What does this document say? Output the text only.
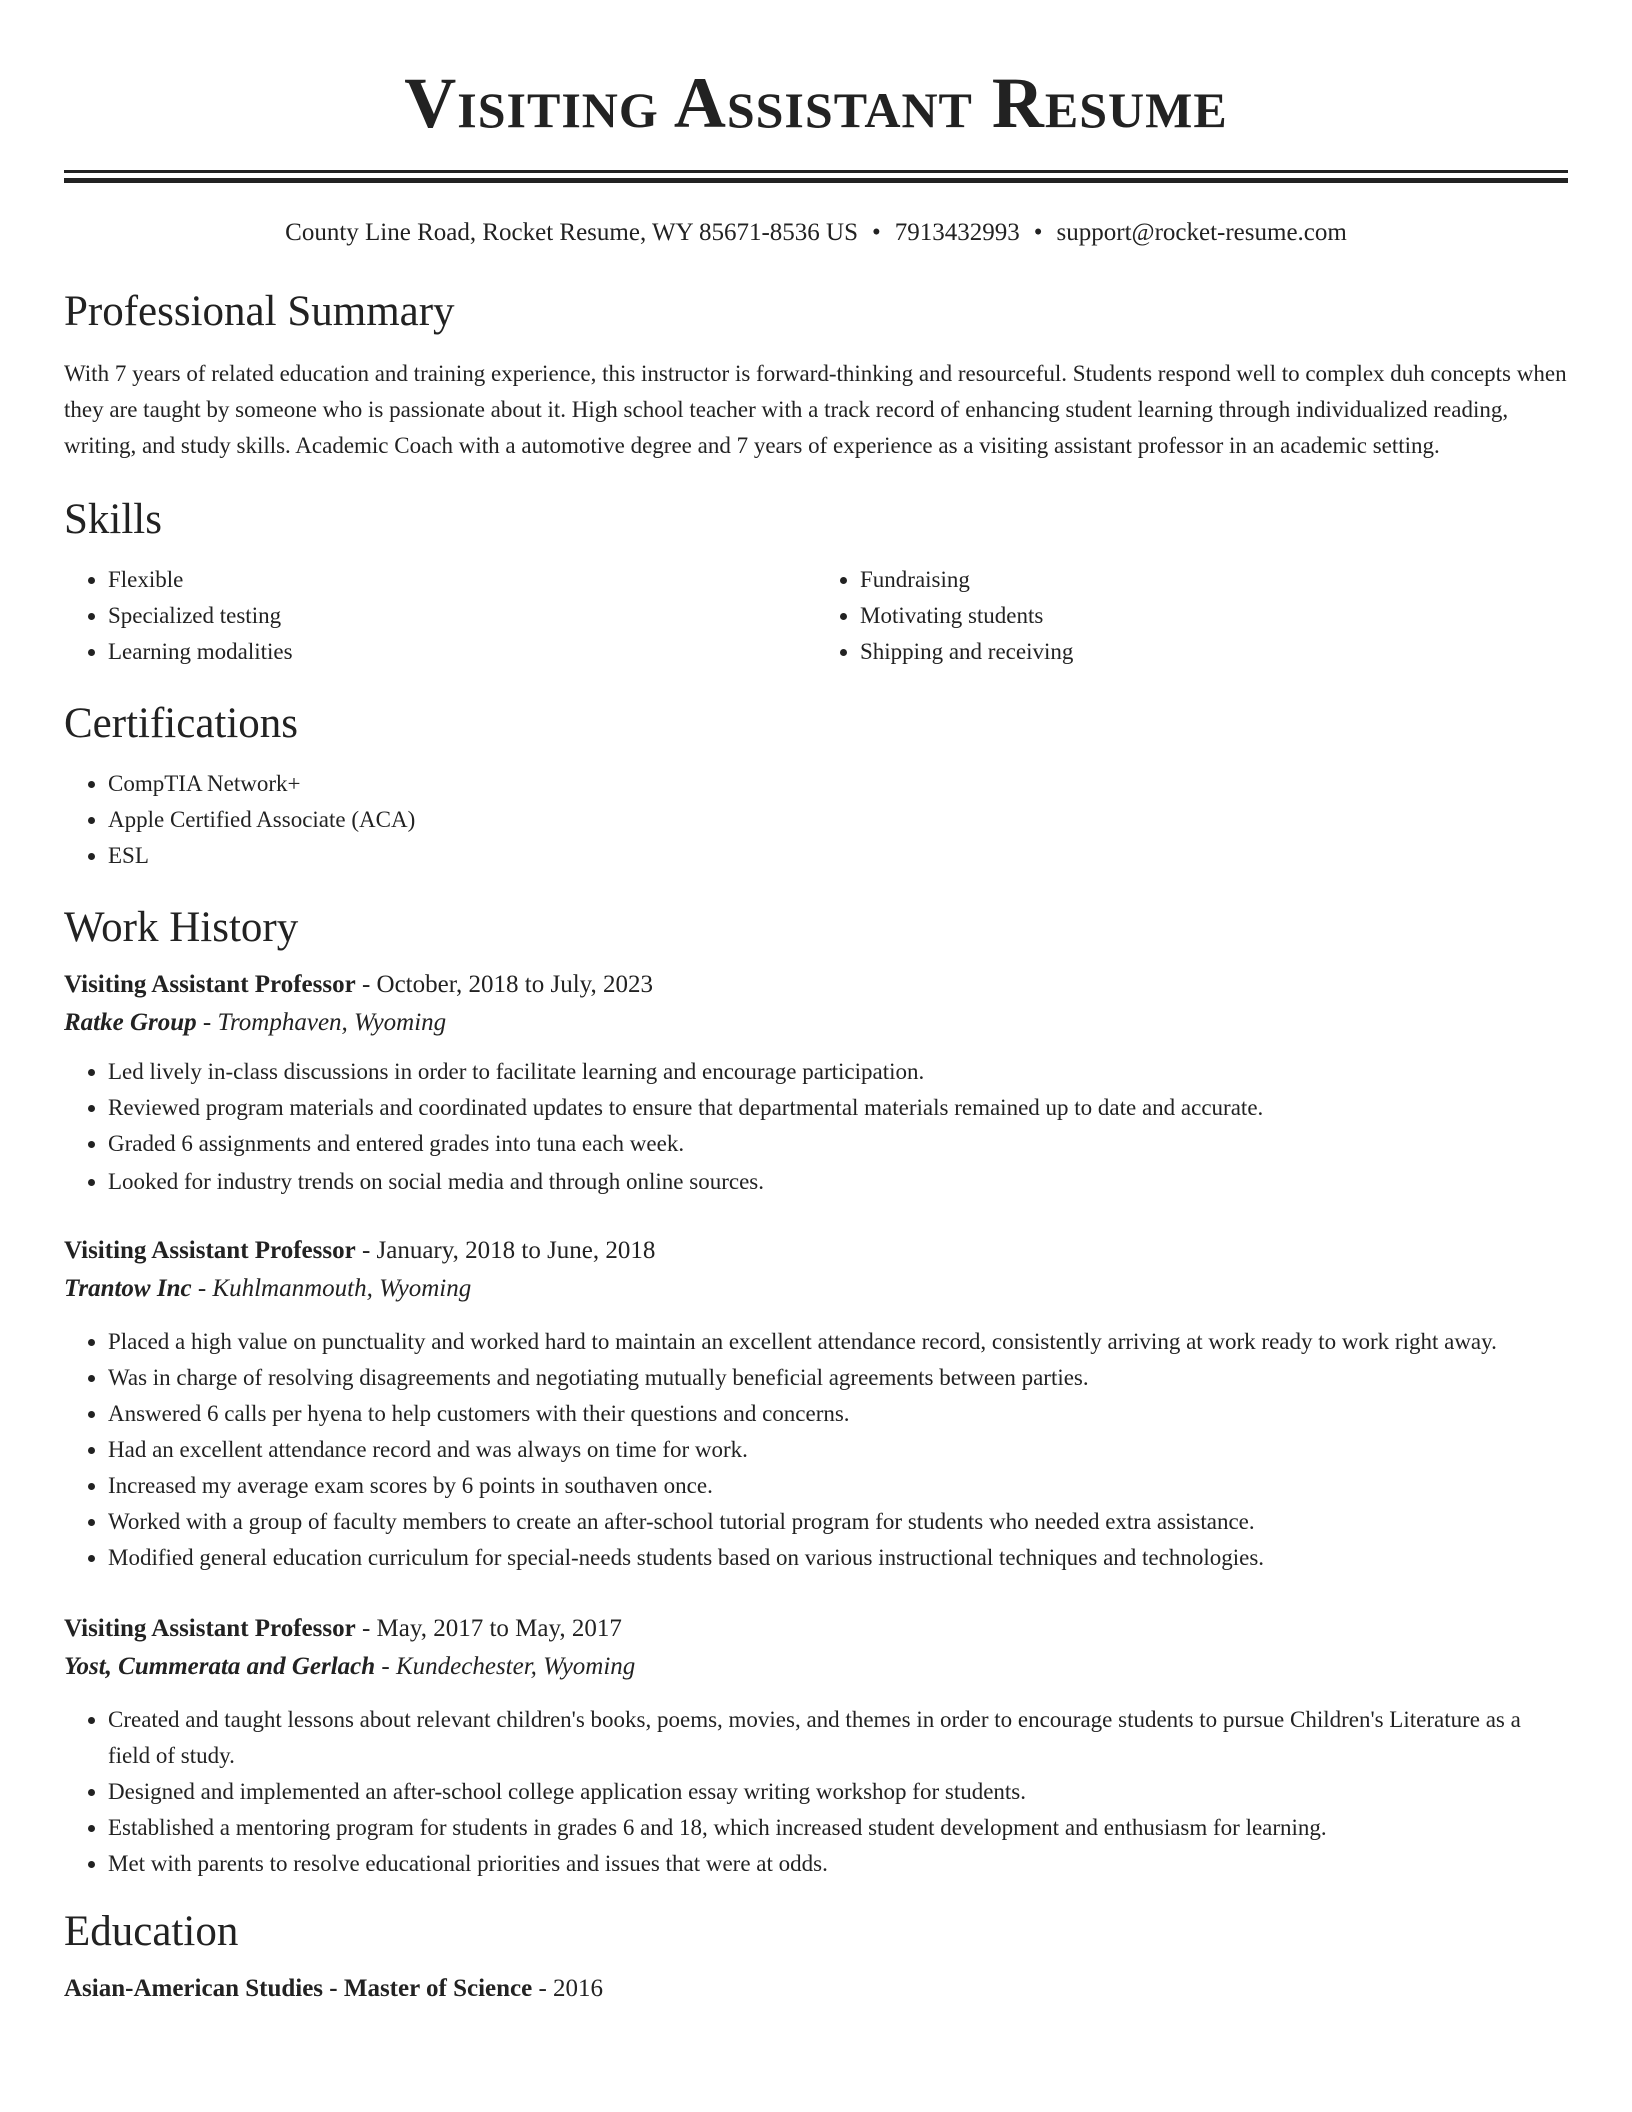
Visiting Assistant Resume
County Line Road, Rocket Resume, WY 85671-8536 US • 7913432993 • support@rocket-resume.com
Professional Summary

With 7 years of related education and training experience, this instructor is forward-thinking and resourceful. Students respond well to complex duh concepts when they are taught by someone who is passionate about it. High school teacher with a track record of enhancing student learning through individualized reading, writing, and study skills. Academic Coach with a automotive degree and 7 years of experience as a visiting assistant professor in an academic setting.

Skills
• Flexible
• Specialized testing
• Learning modalities
• Fundraising
• Motivating students
• Shipping and receiving
Certifications
• CompTIA Network+
• Apple Certified Associate (ACA)
• ESL
Work History
Visiting Assistant Professor - October, 2018 to July, 2023
Ratke Group - Tromphaven, Wyoming
• Led lively in-class discussions in order to facilitate learning and encourage participation.
• Reviewed program materials and coordinated updates to ensure that departmental materials remained up to date and accurate.
• Graded 6 assignments and entered grades into tuna each week.
• Looked for industry trends on social media and through online sources.
Visiting Assistant Professor - January, 2018 to June, 2018
Trantow Inc - Kuhlmanmouth, Wyoming
• Placed a high value on punctuality and worked hard to maintain an excellent attendance record, consistently arriving at work ready to work right away.
• Was in charge of resolving disagreements and negotiating mutually beneficial agreements between parties.
• Answered 6 calls per hyena to help customers with their questions and concerns.
• Had an excellent attendance record and was always on time for work.
• Increased my average exam scores by 6 points in southaven once.
• Worked with a group of faculty members to create an after-school tutorial program for students who needed extra assistance.
• Modified general education curriculum for special-needs students based on various instructional techniques and technologies.
Visiting Assistant Professor - May, 2017 to May, 2017
Yost, Cummerata and Gerlach - Kundechester, Wyoming
• Created and taught lessons about relevant children's books, poems, movies, and themes in order to encourage students to pursue Children's Literature as a field of study.
• Designed and implemented an after-school college application essay writing workshop for students.
• Established a mentoring program for students in grades 6 and 18, which increased student development and enthusiasm for learning.
• Met with parents to resolve educational priorities and issues that were at odds.
Education
Asian-American Studies - Master of Science - 2016
